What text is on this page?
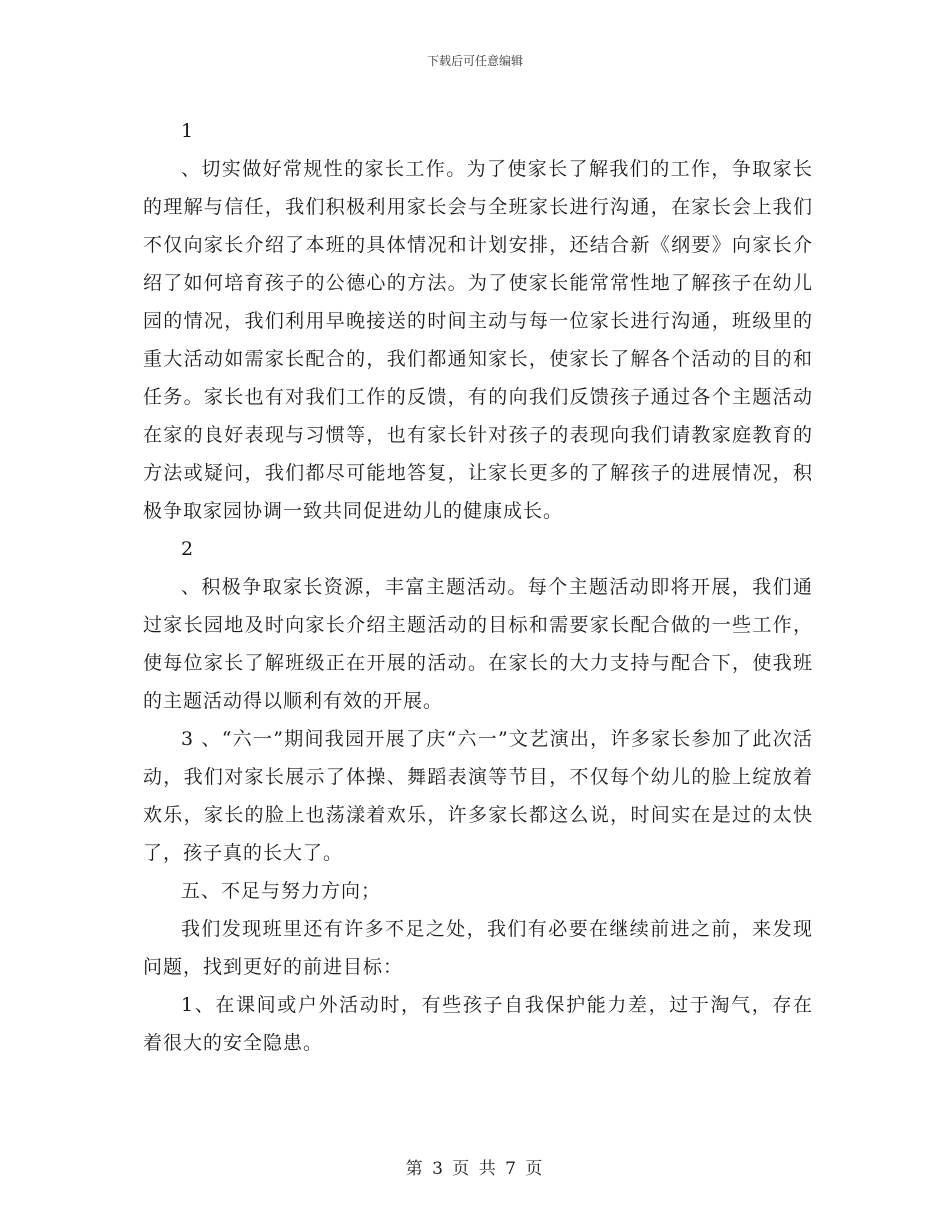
下载后可任意编辑

1

、切实做好常规性的家长工作。为了使家长了解我们的工作，争取家长的理解与信任，我们积极利用家长会与全班家长进行沟通，在家长会上我们不仅向家长介绍了本班的具体情况和计划安排，还结合新《纲要》向家长介绍了如何培育孩子的公德心的方法。为了使家长能常常性地了解孩子在幼儿园的情况，我们利用早晚接送的时间主动与每一位家长进行沟通，班级里的重大活动如需家长配合的，我们都通知家长，使家长了解各个活动的目的和任务。家长也有对我们工作的反馈，有的向我们反馈孩子通过各个主题活动在家的良好表现与习惯等，也有家长针对孩子的表现向我们请教家庭教育的方法或疑问，我们都尽可能地答复，让家长更多的了解孩子的进展情况，积极争取家园协调一致共同促进幼儿的健康成长。

2

、积极争取家长资源，丰富主题活动。每个主题活动即将开展，我们通过家长园地及时向家长介绍主题活动的目标和需要家长配合做的一些工作，使每位家长了解班级正在开展的活动。在家长的大力支持与配合下，使我班的主题活动得以顺利有效的开展。

3 、“六一”期间我园开展了庆“六一”文艺演出，许多家长参加了此次活动，我们对家长展示了体操、舞蹈表演等节目，不仅每个幼儿的脸上绽放着欢乐，家长的脸上也荡漾着欢乐，许多家长都这么说，时间实在是过的太快了，孩子真的长大了。

五、不足与努力方向；

我们发现班里还有许多不足之处，我们有必要在继续前进之前，来发现问题，找到更好的前进目标：

1、在课间或户外活动时，有些孩子自我保护能力差，过于淘气，存在着很大的安全隐患。

第 3 页 共 7 页
